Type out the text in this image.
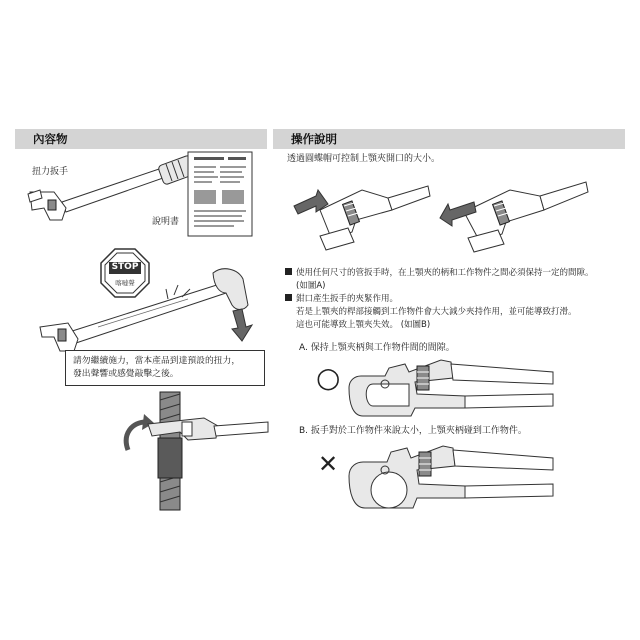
內容物
扭力扳手
說明書
STOP
喀噠聲
請勿繼續施力，當本產品到達預設的扭力，
發出聲響或感覺敲擊之後。
操作說明
透過圓蝶帽可控制上顎夾開口的大小。
使用任何尺寸的管扳手時，在上顎夾的柄和工作物件之間必須保持一定的間隙。
(如圖A)
鉗口產生扳手的夾緊作用。
若是上顎夾的桿部接觸到工作物件會大大減少夾持作用，並可能導致打滑。
這也可能導致上顎夾失效。 (如圖B)
A. 保持上顎夾柄與工作物件間的間隙。
○
B. 扳手對於工作物件來說太小，上顎夾柄碰到工作物件。
✕
